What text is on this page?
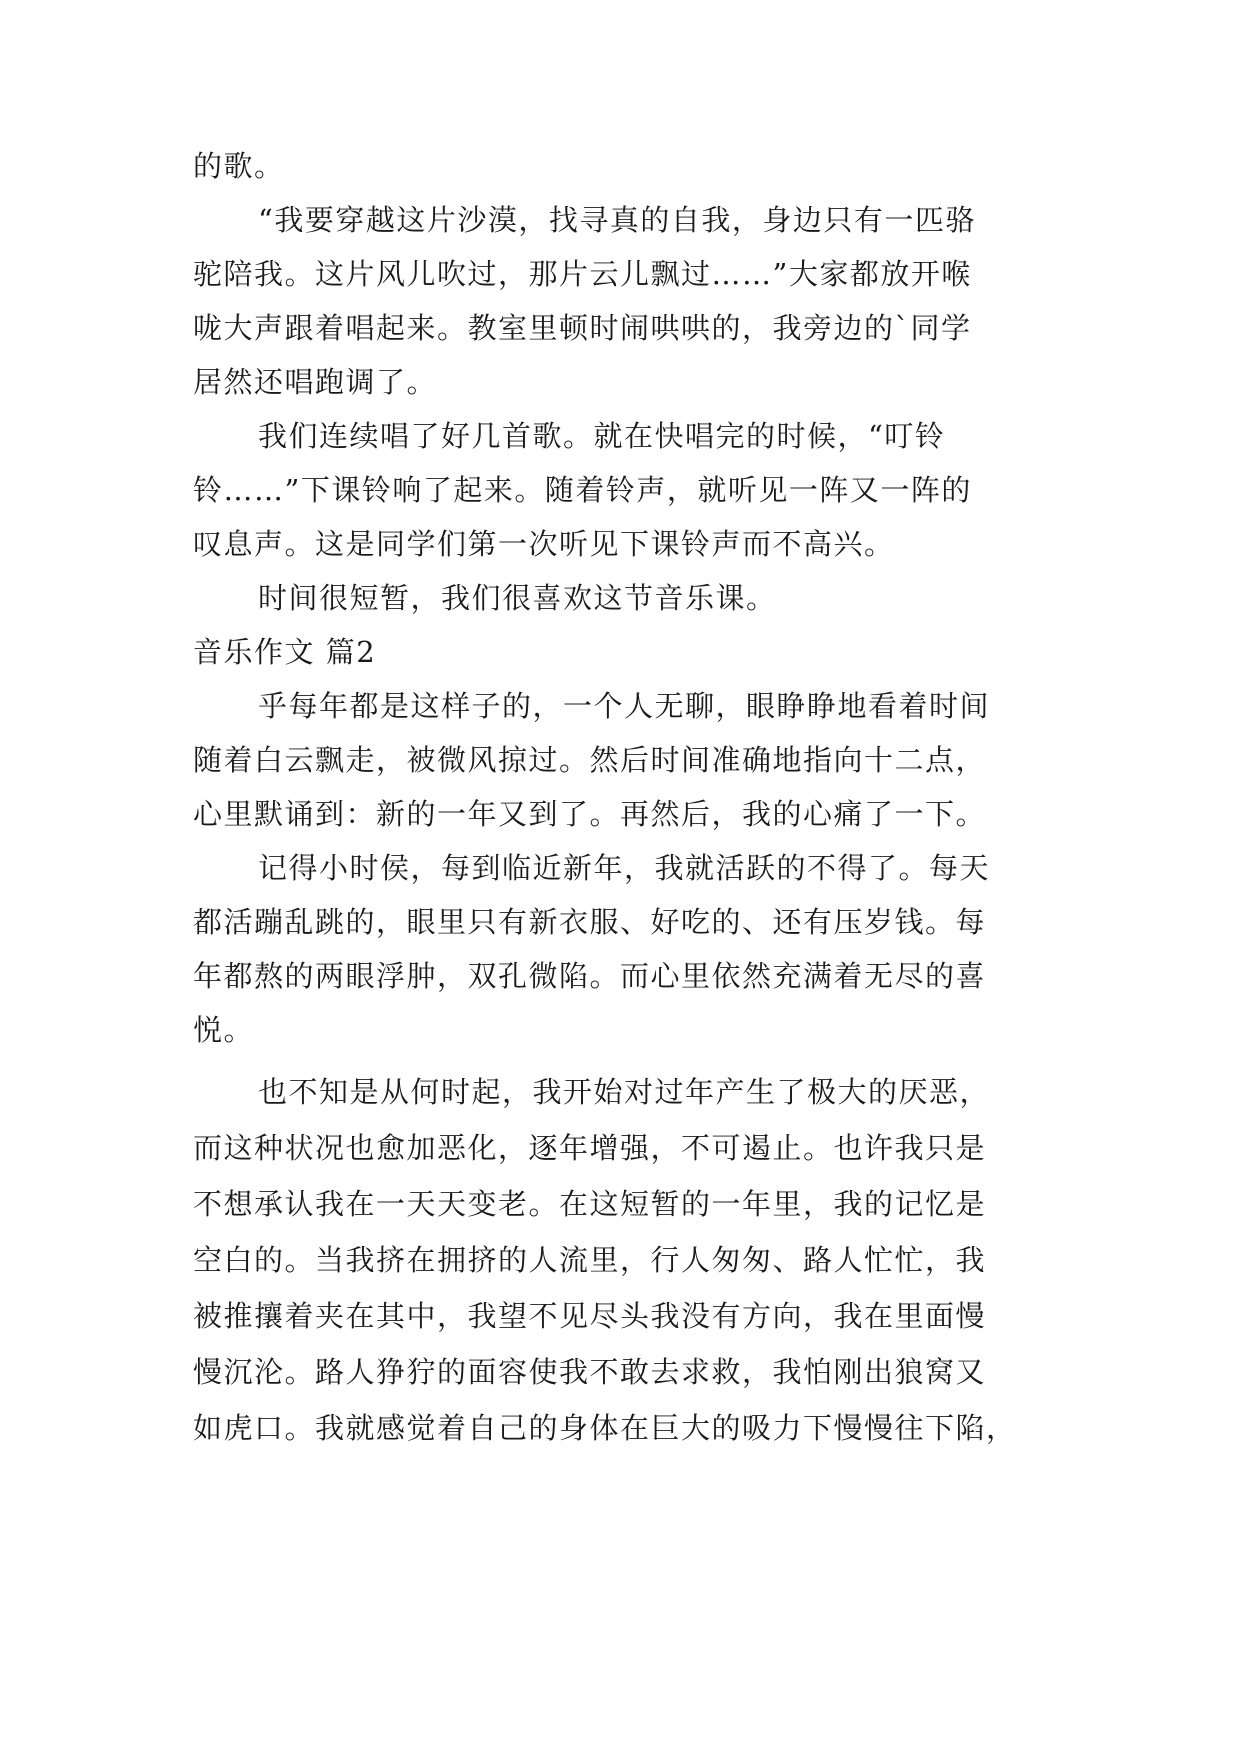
的歌。
“我要穿越这片沙漠，找寻真的自我，身边只有一匹骆
驼陪我。这片风儿吹过，那片云儿飘过……”大家都放开喉
咙大声跟着唱起来。教室里顿时闹哄哄的，我旁边的`同学
居然还唱跑调了。
我们连续唱了好几首歌。就在快唱完的时候，“叮铃
铃……”下课铃响了起来。随着铃声，就听见一阵又一阵的
叹息声。这是同学们第一次听见下课铃声而不高兴。
时间很短暂，我们很喜欢这节音乐课。
音乐作文 篇2
乎每年都是这样子的，一个人无聊，眼睁睁地看着时间
随着白云飘走，被微风掠过。然后时间准确地指向十二点，
心里默诵到：新的一年又到了。再然后，我的心痛了一下。
记得小时侯，每到临近新年，我就活跃的不得了。每天
都活蹦乱跳的，眼里只有新衣服、好吃的、还有压岁钱。每
年都熬的两眼浮肿，双孔微陷。而心里依然充满着无尽的喜
悦。
也不知是从何时起，我开始对过年产生了极大的厌恶，
而这种状况也愈加恶化，逐年增强，不可遏止。也许我只是
不想承认我在一天天变老。在这短暂的一年里，我的记忆是
空白的。当我挤在拥挤的人流里，行人匆匆、路人忙忙，我
被推攘着夹在其中，我望不见尽头我没有方向，我在里面慢
慢沉沦。路人狰狞的面容使我不敢去求救，我怕刚出狼窝又
如虎口。我就感觉着自己的身体在巨大的吸力下慢慢往下陷，
